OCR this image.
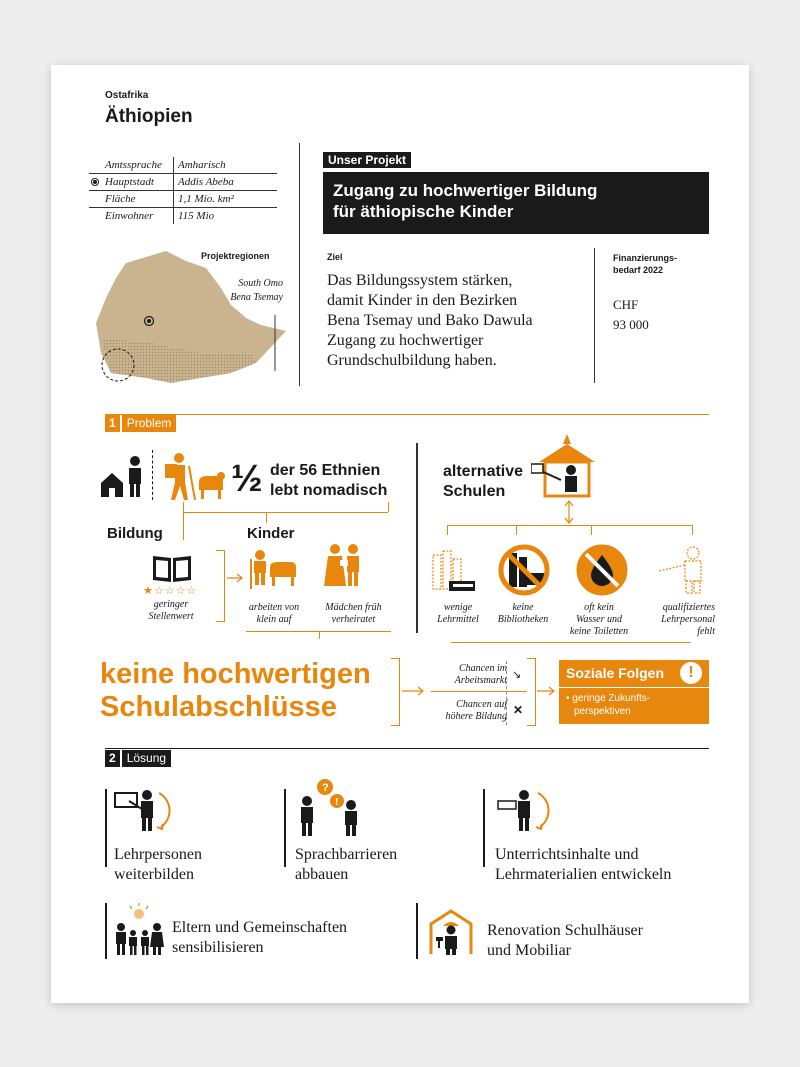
Ostafrika
Äthiopien
Amtssprache	Amharisch

Hauptstadt	Addis Abeba
Fläche	1,1 Mio. km²
Einwohner	115 Mio
Projektregionen
South Omo
Bena Tsemay
Unser Projekt
Zugang zu hochwertiger Bildung
für äthiopische Kinder
Ziel
Das Bildungssystem stärken,
damit Kinder in den Bezirken
Bena Tsemay und Bako Dawula
Zugang zu hochwertiger
Grundschulbildung haben.
Finanzierungs-
bedarf 2022
CHF
93 000
1 Problem
½ der 56 Ethnien
lebt nomadisch
Bildung	Kinder
★☆☆☆☆
geringer
Stellenwert
arbeiten von
klein auf
Mädchen früh
verheiratet
alternative
Schulen
wenige
Lehrmittel
keine
Bibliotheken
oft kein
Wasser und
keine Toiletten
qualifiziertes
Lehrpersonal
fehlt
keine hochwertigen
Schulabschlüsse
Chancen im
Arbeitsmarkt
Chancen auf
höhere Bildung
↘
✕
Soziale Folgen	!
• geringe Zukunfts-
perspektiven
2 Lösung
Lehrpersonen
weiterbilden
?
!
Sprachbarrieren
abbauen
Unterrichtsinhalte und
Lehrmaterialien entwickeln
Eltern und Gemeinschaften
sensibilisieren
Renovation Schulhäuser
und Mobiliar
